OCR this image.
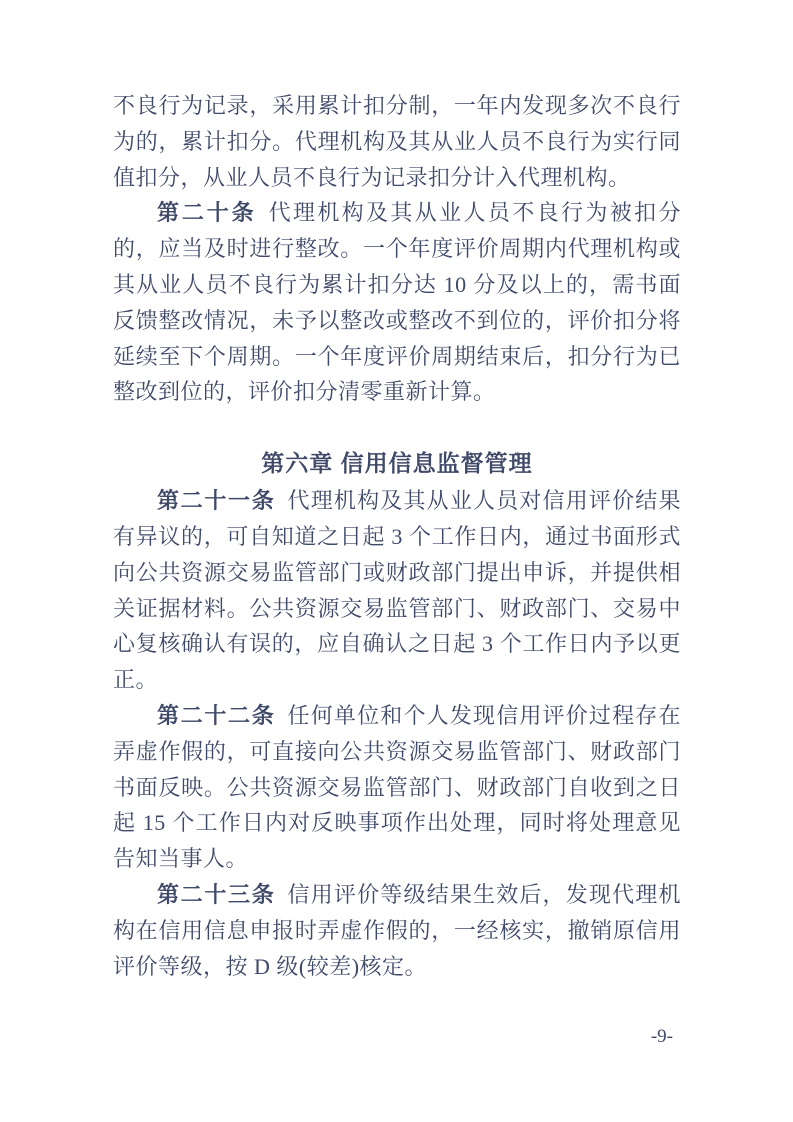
不良行为记录，采用累计扣分制，一年内发现多次不良行为的，累计扣分。代理机构及其从业人员不良行为实行同值扣分，从业人员不良行为记录扣分计入代理机构。

第二十条 代理机构及其从业人员不良行为被扣分的，应当及时进行整改。一个年度评价周期内代理机构或其从业人员不良行为累计扣分达 10 分及以上的，需书面反馈整改情况，未予以整改或整改不到位的，评价扣分将延续至下个周期。一个年度评价周期结束后，扣分行为已整改到位的，评价扣分清零重新计算。

第六章 信用信息监督管理

第二十一条 代理机构及其从业人员对信用评价结果有异议的，可自知道之日起 3 个工作日内，通过书面形式向公共资源交易监管部门或财政部门提出申诉，并提供相关证据材料。公共资源交易监管部门、财政部门、交易中心复核确认有误的，应自确认之日起 3 个工作日内予以更正。

第二十二条 任何单位和个人发现信用评价过程存在弄虚作假的，可直接向公共资源交易监管部门、财政部门书面反映。公共资源交易监管部门、财政部门自收到之日起 15 个工作日内对反映事项作出处理，同时将处理意见告知当事人。

第二十三条 信用评价等级结果生效后，发现代理机构在信用信息申报时弄虚作假的，一经核实，撤销原信用评价等级，按 D 级(较差)核定。

-9-
